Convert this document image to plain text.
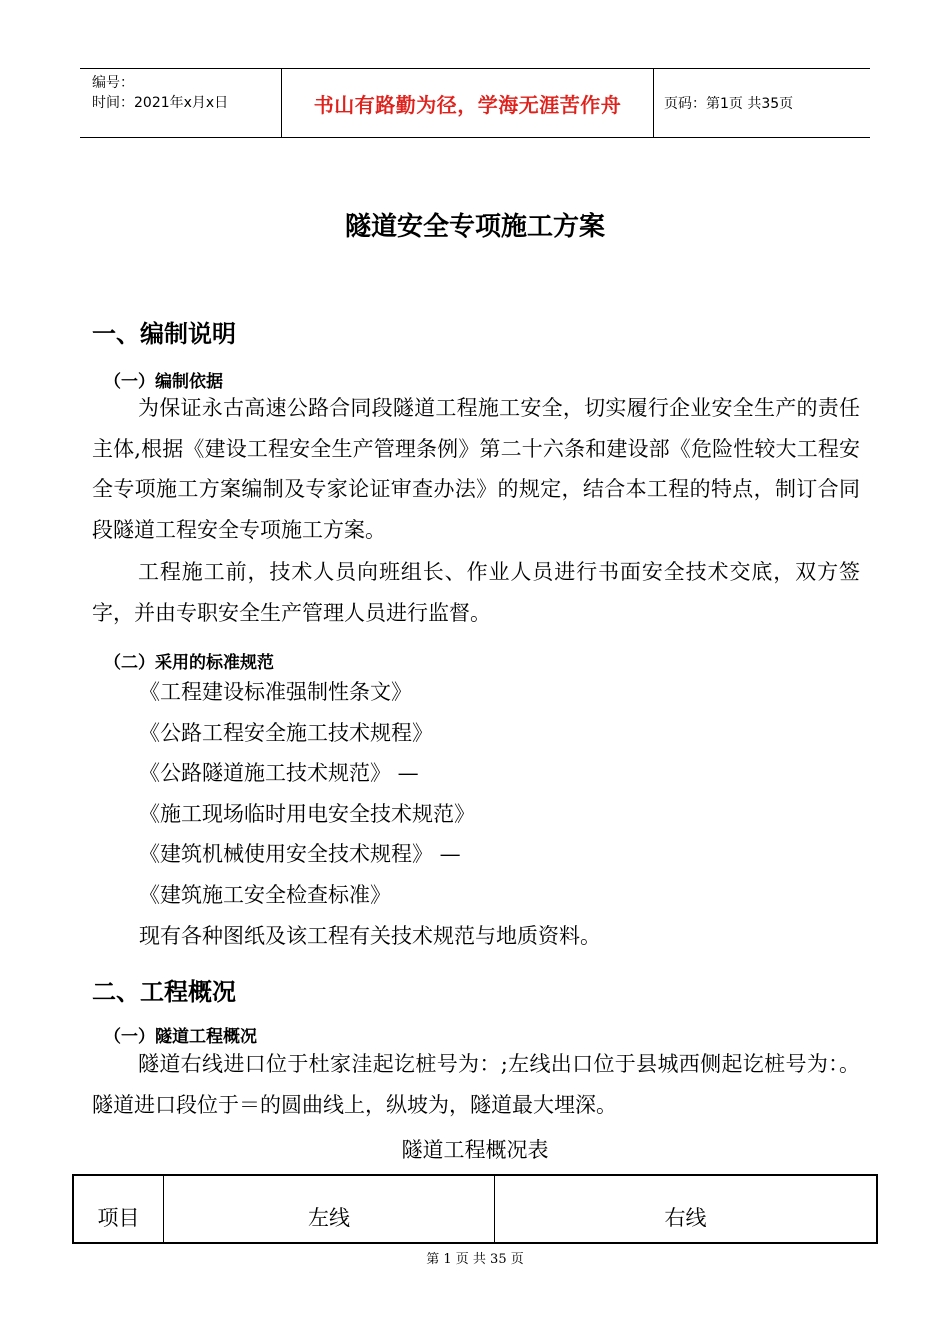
编号：
时间：2021年x月x日	书山有路勤为径，学海无涯苦作舟	页码：第1页 共35页
隧道安全专项施工方案
一、编制说明
（一）编制依据

为保证永古高速公路合同段隧道工程施工安全，切实履行企业安全生产的责任主体,根据《建设工程安全生产管理条例》第二十六条和建设部《危险性较大工程安全专项施工方案编制及专家论证审查办法》的规定，结合本工程的特点，制订合同段隧道工程安全专项施工方案。

工程施工前，技术人员向班组长、作业人员进行书面安全技术交底，双方签字，并由专职安全生产管理人员进行监督。

（二）采用的标准规范
《工程建设标准强制性条文》
《公路工程安全施工技术规程》
《公路隧道施工技术规范》 —
《施工现场临时用电安全技术规范》
《建筑机械使用安全技术规程》 —
《建筑施工安全检查标准》
现有各种图纸及该工程有关技术规范与地质资料。
二、工程概况
（一）隧道工程概况

隧道右线进口位于杜家洼起讫桩号为：;左线出口位于县城西侧起讫桩号为：。隧道进口段位于＝的圆曲线上，纵坡为，隧道最大埋深。

隧道工程概况表
项目	左线	右线
第 1 页 共 35 页
